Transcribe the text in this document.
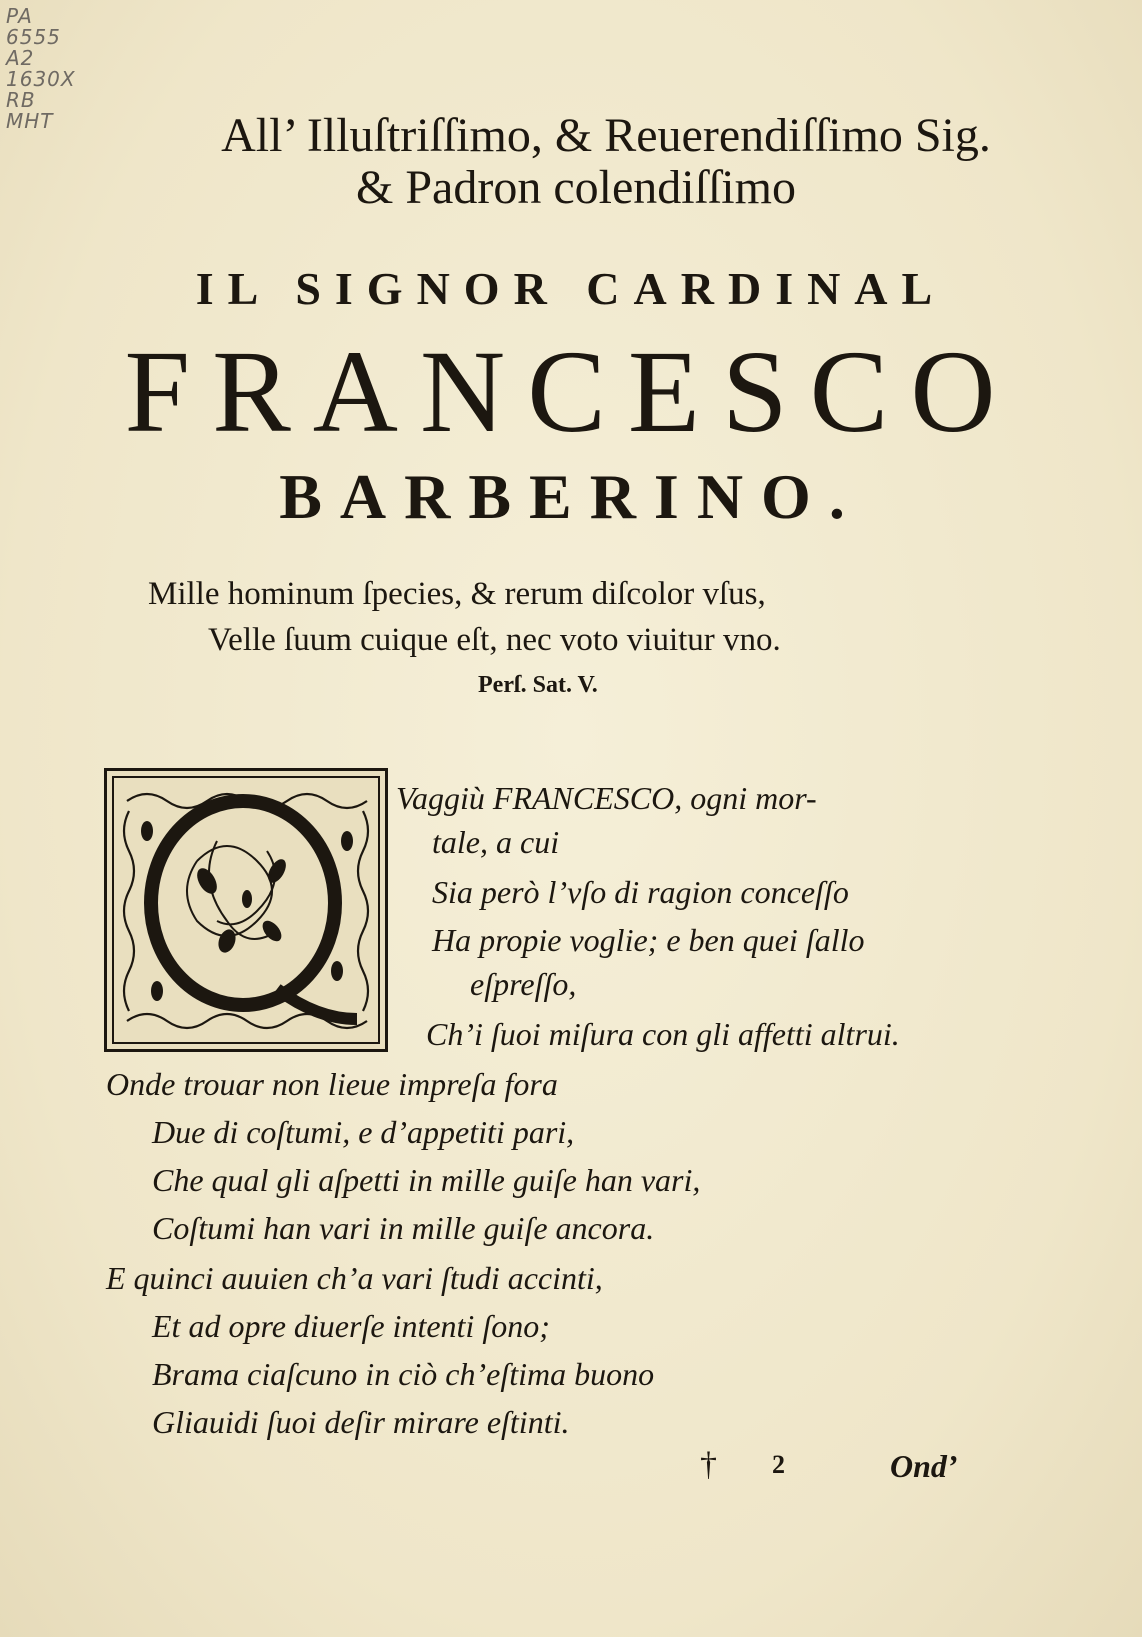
PA
6555
A2
1630X
RB
MHT	All’ Illuſtriſſimo, & Reuerendiſſimo Sig.
& Padron colendiſſimo
IL SIGNOR CARDINAL
FRANCESCO
BARBERINO.
Mille hominum ſpecies, & rerum diſcolor vſus,
Velle ſuum cuique eſt, nec voto viuitur vno.
Perſ. Sat. V.
Vaggiù FRANCESCO, ogni mor-
tale, a cui
Sia però l’vſo di ragion conceſſo
Ha propie voglie; e ben quei ſallo
eſpreſſo,
Ch’i ſuoi miſura con gli affetti altrui.
Onde trouar non lieue impreſa fora
Due di coſtumi, e d’appetiti pari,
Che qual gli aſpetti in mille guiſe han vari,
Coſtumi han vari in mille guiſe ancora.
E quinci auuien ch’a vari ſtudi accinti,
Et ad opre diuerſe intenti ſono;
Brama ciaſcuno in ciò ch’eſtima buono
Gliauidi ſuoi deſir mirare eſtinti.
† 2	Ond’
